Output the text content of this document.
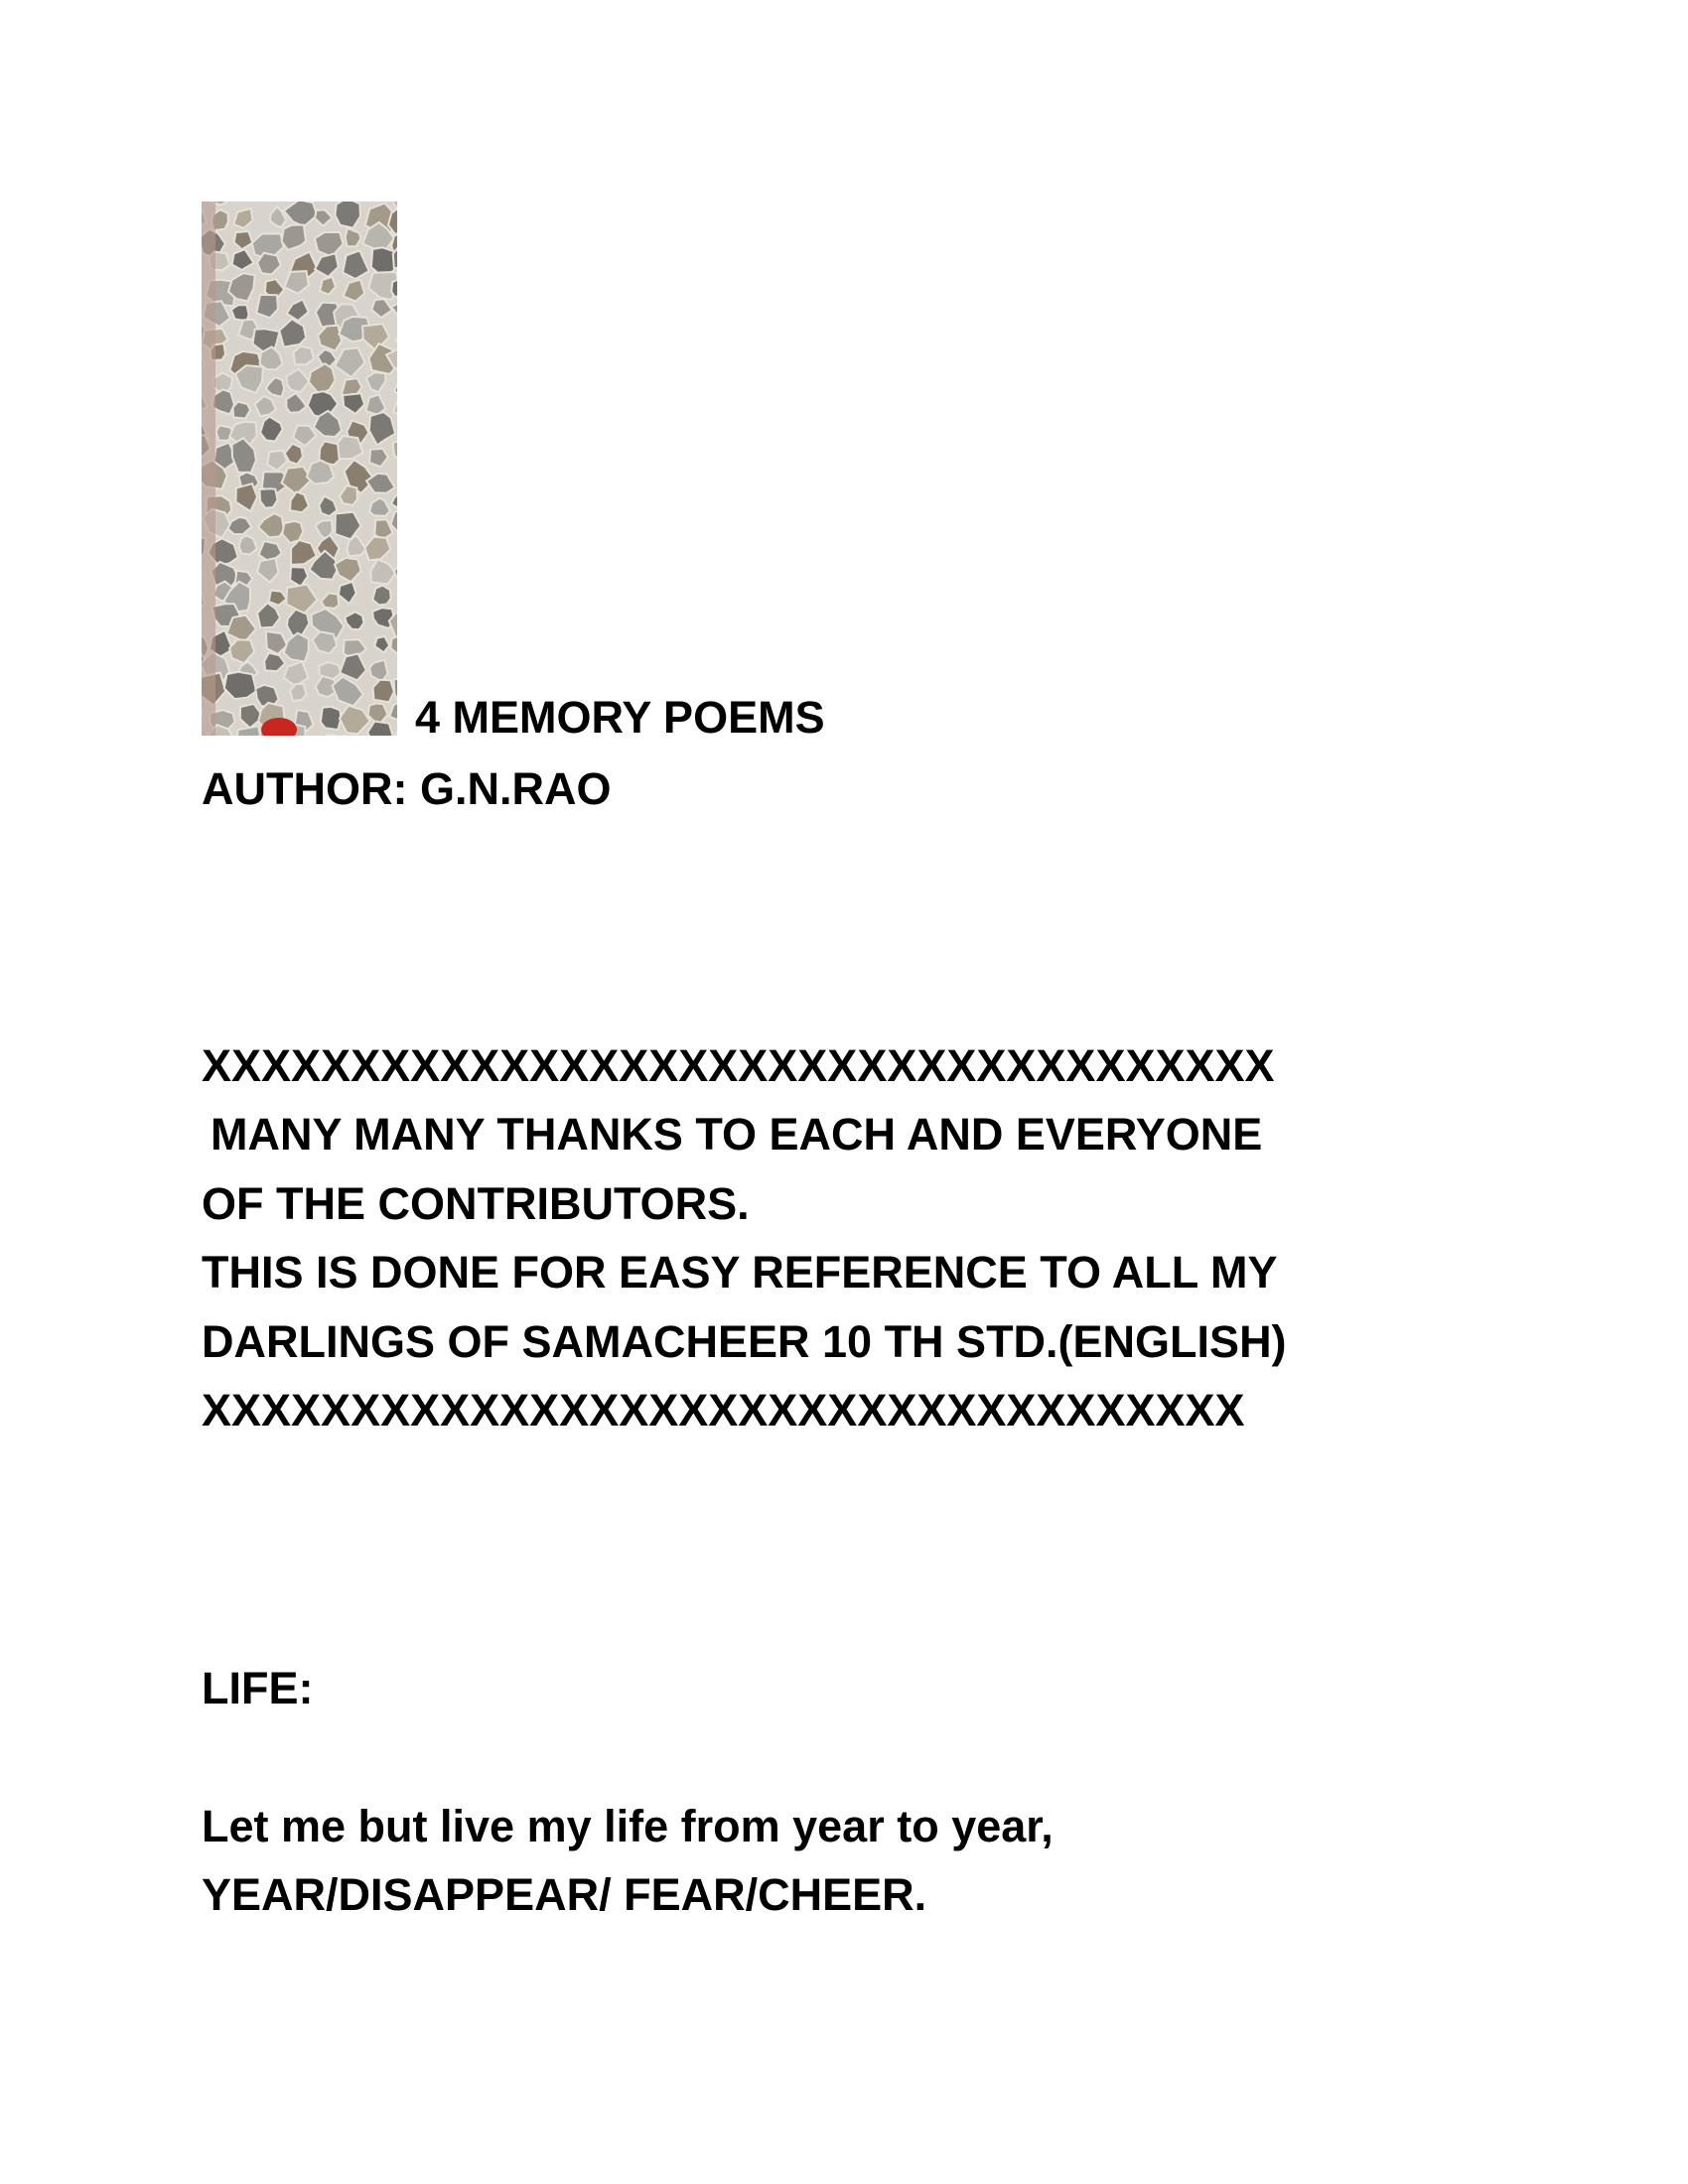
4 MEMORY POEMS
AUTHOR: G.N.RAO
XXXXXXXXXXXXXXXXXXXXXXXXXXXXXXXXXXXX
MANY MANY THANKS TO EACH AND EVERYONE
OF THE CONTRIBUTORS.
THIS IS DONE FOR EASY REFERENCE TO ALL MY
DARLINGS OF SAMACHEER 10 TH STD.(ENGLISH)
XXXXXXXXXXXXXXXXXXXXXXXXXXXXXXXXXXX
LIFE:
Let me but live my life from year to year,
YEAR/DISAPPEAR/ FEAR/CHEER.
